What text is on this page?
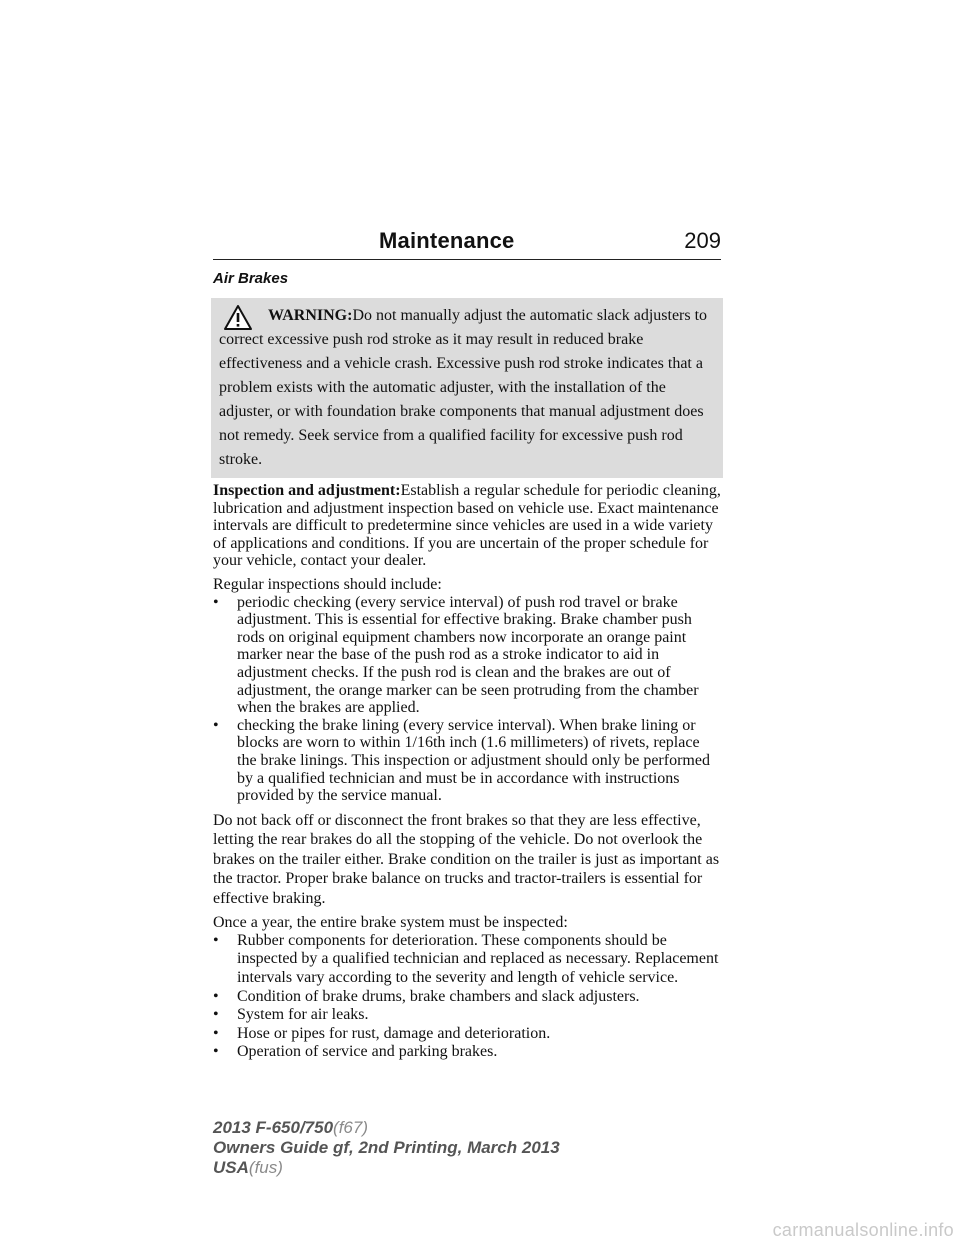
Maintenance	209
Air Brakes

WARNING:Do not manually adjust the automatic slack adjusters to correct excessive push rod stroke as it may result in reduced brake effectiveness and a vehicle crash. Excessive push rod stroke indicates that a problem exists with the automatic adjuster, with the installation of the adjuster, or with foundation brake components that manual adjustment does not remedy. Seek service from a qualified facility for excessive push rod stroke.

Inspection and adjustment:Establish a regular schedule for periodic cleaning, lubrication and adjustment inspection based on vehicle use. Exact maintenance intervals are difficult to predetermine since vehicles are used in a wide variety of applications and conditions. If you are uncertain of the proper schedule for your vehicle, contact your dealer.

Regular inspections should include:
• periodic checking (every service interval) of push rod travel or brake adjustment. This is essential for effective braking. Brake chamber push rods on original equipment chambers now incorporate an orange paint marker near the base of the push rod as a stroke indicator to aid in adjustment checks. If the push rod is clean and the brakes are out of adjustment, the orange marker can be seen protruding from the chamber when the brakes are applied.
• checking the brake lining (every service interval). When brake lining or blocks are worn to within 1/16th inch (1.6 millimeters) of rivets, replace the brake linings. This inspection or adjustment should only be performed by a qualified technician and must be in accordance with instructions provided by the service manual.

Do not back off or disconnect the front brakes so that they are less effective, letting the rear brakes do all the stopping of the vehicle. Do not overlook the brakes on the trailer either. Brake condition on the trailer is just as important as the tractor. Proper brake balance on trucks and tractor-trailers is essential for effective braking.

Once a year, the entire brake system must be inspected:
• Rubber components for deterioration. These components should be inspected by a qualified technician and replaced as necessary. Replacement intervals vary according to the severity and length of vehicle service.
• Condition of brake drums, brake chambers and slack adjusters.
• System for air leaks.
• Hose or pipes for rust, damage and deterioration.
• Operation of service and parking brakes.
2013 F-650/750(f67)
Owners Guide gf, 2nd Printing, March 2013
USA(fus)
carmanualsonline.info
